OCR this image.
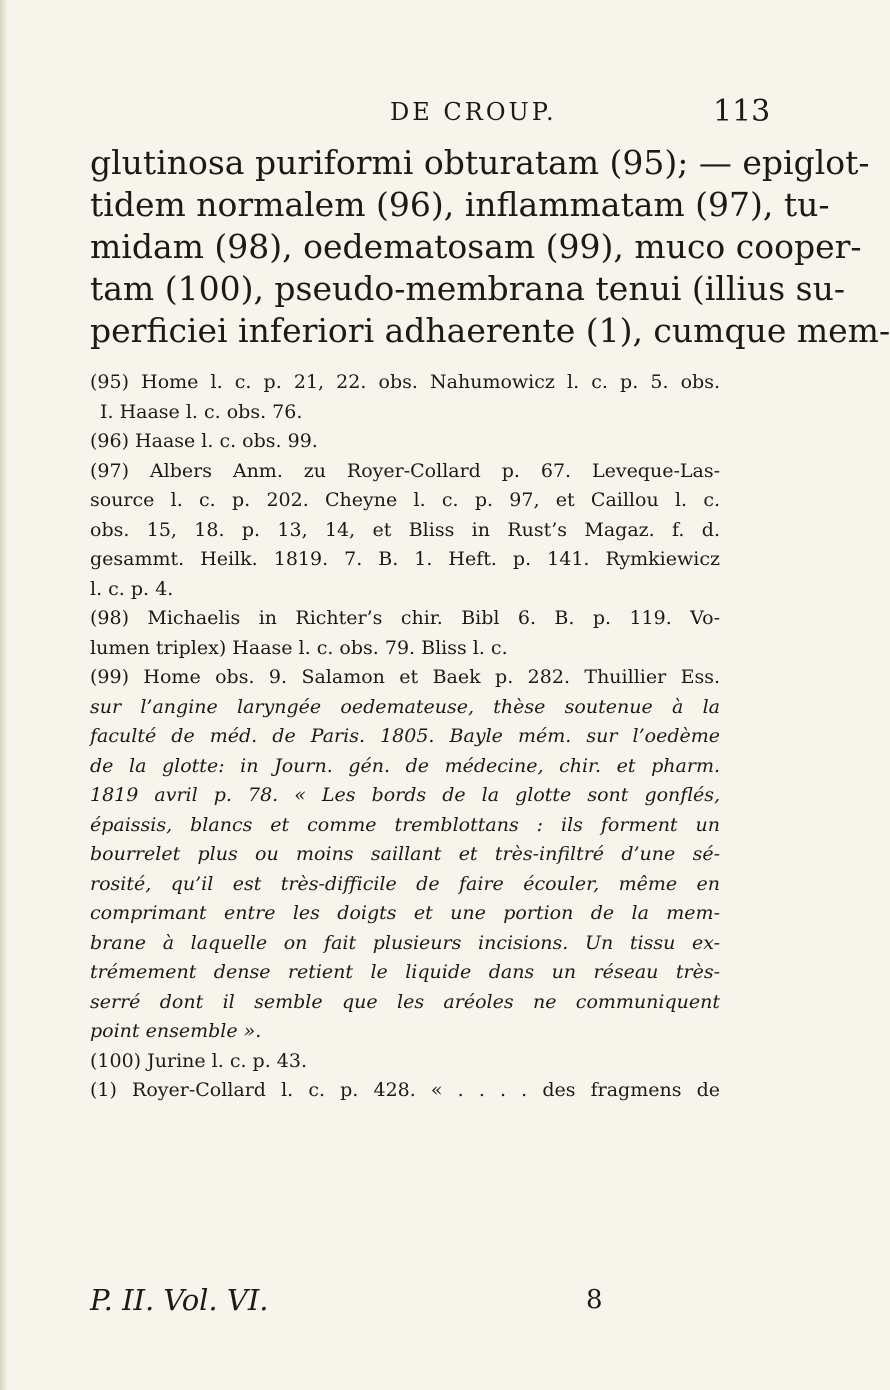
DE CROUP.	113

glutinosa puriformi obturatam (95); — epiglot-

tidem normalem (96), inflammatam (97), tu-

midam (98), oedematosam (99), muco cooper-

tam (100), pseudo-membrana tenui (illius su-

perficiei inferiori adhaerente (1), cumque mem-

(95) Home l. c. p. 21, 22. obs. Nahumowicz l. c. p. 5. obs.

I. Haase l. c. obs. 76.

(96) Haase l. c. obs. 99.

(97) Albers Anm. zu Royer-Collard p. 67. Leveque-Las-

source l. c. p. 202. Cheyne l. c. p. 97, et Caillou l. c.

obs. 15, 18. p. 13, 14, et Bliss in Rust’s Magaz. f. d.

gesammt. Heilk. 1819. 7. B. 1. Heft. p. 141. Rymkiewicz

l. c. p. 4.

(98) Michaelis in Richter’s chir. Bibl 6. B. p. 119. Vo-

lumen triplex) Haase l. c. obs. 79. Bliss l. c.

(99) Home obs. 9. Salamon et Baek p. 282. Thuillier Ess.

sur l’angine laryngée oedemateuse, thèse soutenue à la

faculté de méd. de Paris. 1805. Bayle mém. sur l’oedème

de la glotte: in Journ. gén. de médecine, chir. et pharm.

1819 avril p. 78. « Les bords de la glotte sont gonflés,

épaissis, blancs et comme tremblottans : ils forment un

bourrelet plus ou moins saillant et très-infiltré d’une sé-

rosité, qu’il est très-difficile de faire écouler, même en

comprimant entre les doigts et une portion de la mem-

brane à laquelle on fait plusieurs incisions. Un tissu ex-

trémement dense retient le liquide dans un réseau très-

serré dont il semble que les aréoles ne communiquent

point ensemble ».

(100) Jurine l. c. p. 43.

(1) Royer-Collard l. c. p. 428. « . . . . des fragmens de

P. II. Vol. VI.	8
